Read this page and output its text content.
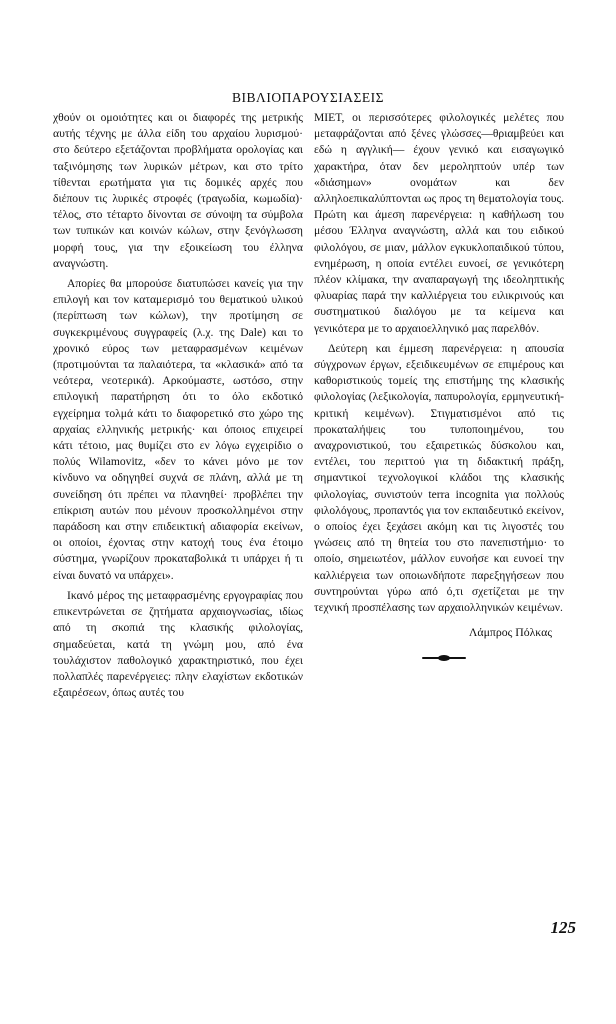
ΒΙΒΛΙΟΠΑΡΟΥΣΙΑΣΕΙΣ

χθούν οι ομοιότητες και οι διαφορές της μετρικής αυτής τέχνης με άλλα είδη του αρχαίου λυρισμού· στο δεύτερο εξετάζονται προβλήματα ορολογίας και ταξινόμησης των λυρικών μέτρων, και στο τρίτο τίθενται ερωτήματα για τις δομικές αρχές που διέπουν τις λυρικές στροφές (τραγωδία, κωμωδία)· τέλος, στο τέταρτο δίνονται σε σύνοψη τα σύμβολα των τυπικών και κοινών κώλων, στην ξενόγλωσση μορφή τους, για την εξοικείωση του έλληνα αναγνώστη.

Απορίες θα μπορούσε διατυπώσει κανείς για την επιλογή και τον καταμερισμό του θεματικού υλικού (περίπτωση των κώλων), την προτίμηση σε συγκεκριμένους συγγραφείς (λ.χ. της Dale) και το χρονικό εύρος των μεταφρασμένων κειμένων (προτιμούνται τα παλαιότερα, τα «κλασικά» από τα νεότερα, νεοτερικά). Αρκούμαστε, ωστόσο, στην επιλογική παρατήρηση ότι το όλο εκδοτικό εγχείρημα τολμά κάτι το διαφορετικό στο χώρο της αρχαίας ελληνικής μετρικής· και όποιος επιχειρεί κάτι τέτοιο, μας θυμίζει στο εν λόγω εγχειρίδιο ο πολύς Wilamovitz, «δεν το κάνει μόνο με τον κίνδυνο να οδηγηθεί συχνά σε πλάνη, αλλά με τη συνείδηση ότι πρέπει να πλανηθεί· προβλέπει την επίκριση αυτών που μένουν προσκολλημένοι στην παράδοση και στην επιδεικτική αδιαφορία εκείνων, οι οποίοι, έχοντας στην κατοχή τους ένα έτοιμο σύστημα, γνωρίζουν προκαταβολικά τι υπάρχει ή τι είναι δυνατό να υπάρχει».

Ικανό μέρος της μεταφρασμένης εργογραφίας που επικεντρώνεται σε ζητήματα αρχαιογνωσίας, ιδίως από τη σκοπιά της κλασικής φιλολογίας, σημαδεύεται, κατά τη γνώμη μου, από ένα τουλάχιστον παθολογικό χαρακτηριστικό, που έχει πολλαπλές παρενέργειες: πλην ελαχίστων εκδοτικών εξαιρέσεων, όπως αυτές του

ΜΙΕΤ, οι περισσότερες φιλολογικές μελέτες που μεταφράζονται από ξένες γλώσσες—θριαμβεύει και εδώ η αγγλική— έχουν γενικό και εισαγωγικό χαρακτήρα, όταν δεν μεροληπτούν υπέρ των «διάσημων» ονομάτων και δεν αλληλοεπικαλύπτονται ως προς τη θεματολογία τους. Πρώτη και άμεση παρενέργεια: η καθήλωση του μέσου Έλληνα αναγνώστη, αλλά και του ειδικού φιλολόγου, σε μιαν, μάλλον εγκυκλοπαιδικού τύπου, ενημέρωση, η οποία εντέλει ευνοεί, σε γενικότερη πλέον κλίμακα, την αναπαραγωγή της ιδεοληπτικής φλυαρίας παρά την καλλιέργεια του ειλικρινούς και συστηματικού διαλόγου με τα κείμενα και γενικότερα με το αρχαιοελληνικό μας παρελθόν.

Δεύτερη και έμμεση παρενέργεια: η απουσία σύγχρονων έργων, εξειδικευμένων σε επιμέρους και καθοριστικούς τομείς της επιστήμης της κλασικής φιλολογίας (λεξικολογία, παπυρολογία, ερμηνευτική-κριτική κειμένων). Στιγματισμένοι από τις προκαταλήψεις του τυποποιημένου, του αναχρονιστικού, του εξαιρετικώς δύσκολου και, εντέλει, του περιττού για τη διδακτική πράξη, σημαντικοί τεχνολογικοί κλάδοι της κλασικής φιλολογίας, συνιστούν terra incognita για πολλούς φιλολόγους, προπαντός για τον εκπαιδευτικό εκείνον, ο οποίος έχει ξεχάσει ακόμη και τις λιγοστές του γνώσεις από τη θητεία του στο πανεπιστήμιο· το οποίο, σημειωτέον, μάλλον ευνοήσε και ευνοεί την καλλιέργεια των οποιωνδήποτε παρεξηγήσεων που συντηρούνται γύρω από ό,τι σχετίζεται με την τεχνική προσπέλασης των αρχαιολληνικών κειμένων.

Λάμπρος Πόλκας
125
